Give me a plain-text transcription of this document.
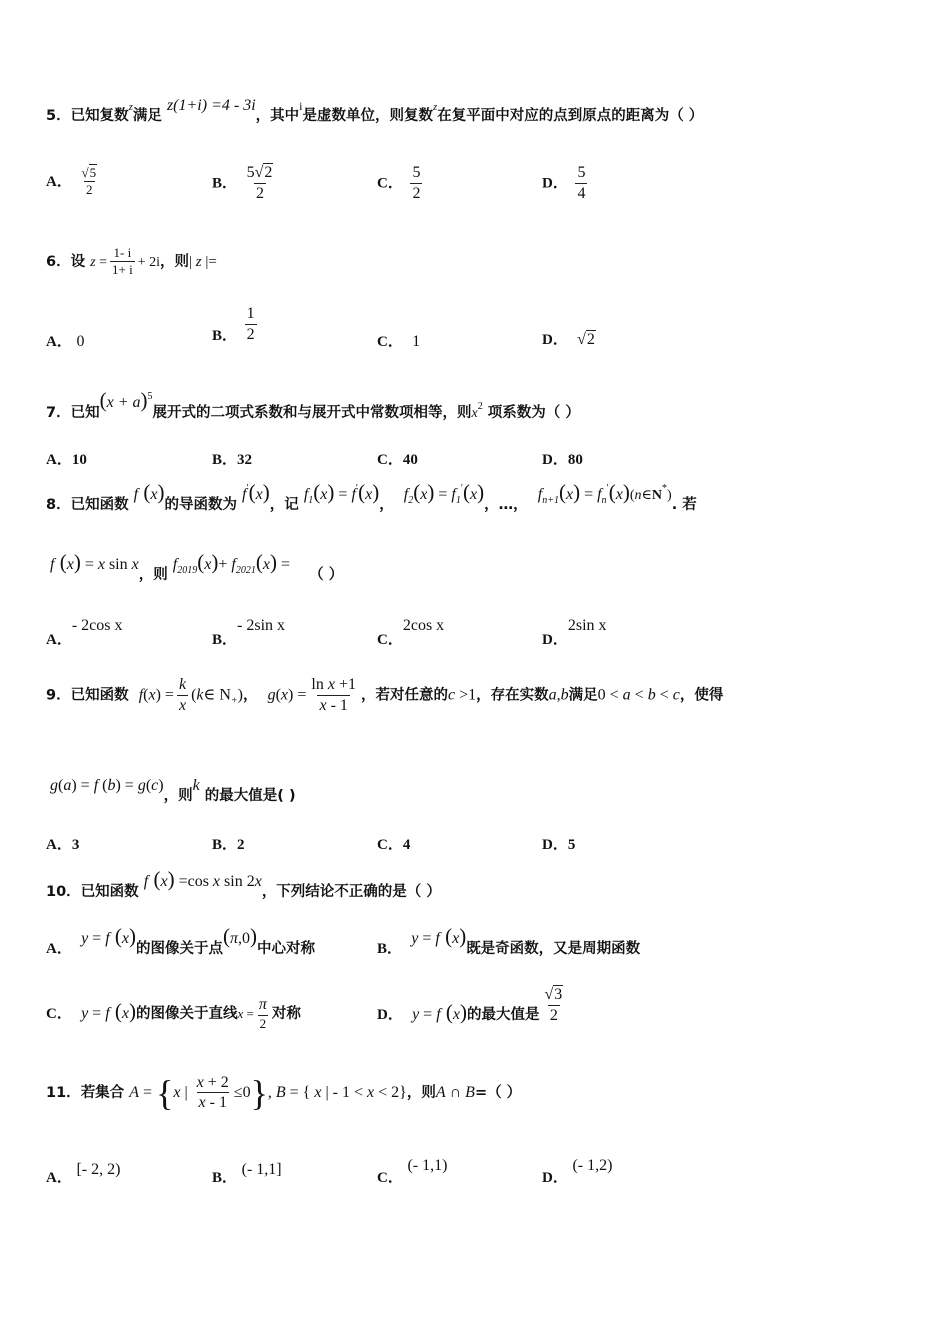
5．已知复数$^z$满足 z(1+i) =4 - 3i，其中$^i$是虚数单位，则复数$^z$在复平面中对应的点到原点的距离为（ ）
A． $\frac{√5}{2}$	B． $\frac{5√2}{2}$	C． $\frac{5}{2}$	D． $\frac{5}{4}$
6．设 $z = \frac{1- i}{1+ i} + 2i$，则| z |=
A． 0	B． $\frac{1}{2}$	C． 1	D． √2
7．已知$(x + a)^5$展开式的二项式系数和与展开式中常数项相等，则$x^2$ 项系数为（ ）
A．10	B．32	C．40	D．80
8．已知函数 f (x)的导函数为 f′(x)，记 $f_1(x) = f'(x)$，  $f_2(x) = f_1'(x)$，…，  $f_{n+1}(x)$ = $f_n'(x)(n\in N^*)$. 若
f (x) = x sin x，则 $f_{2019}(x)+ f_{2021}(x)$ =    （ ）
A．- 2cos x
B．- 2sin x
C．2cos x
D．2sin x
9．已知函数 $f(x) = \frac{k}{x}$ (k∈ $N_+$)，  $g(x) = \frac{\text{ln x +1}}{x - 1}$ ，若对任意的c >1，存在实数a,b满足0 < a < b < c，使得
g(a) = f (b) = g(c)，则k 的最大值是( )
A．3	B．2	C．4	D．5
10．已知函数 f (x) =cos x sin 2x，下列结论不正确的是（ ）
A．  y = f (x)的图像关于点(π,0)中心对称	B．  y = f (x)既是奇函数，又是周期函数
C． y = f (x)的图像关于直线$x = \frac{\pi}{2}$ 对称	D． y = f (x)的最大值是 $\frac{√3}{2}$
11．若集合 A = {x | $\frac{x + 2}{x - 1} \le 0$}, B = { x | - 1 < x < 2}，则A ∩ B=（ ）
A． [- 2, 2)	B． (- 1,1]	C． (- 1,1)
D． (- 1,2)
